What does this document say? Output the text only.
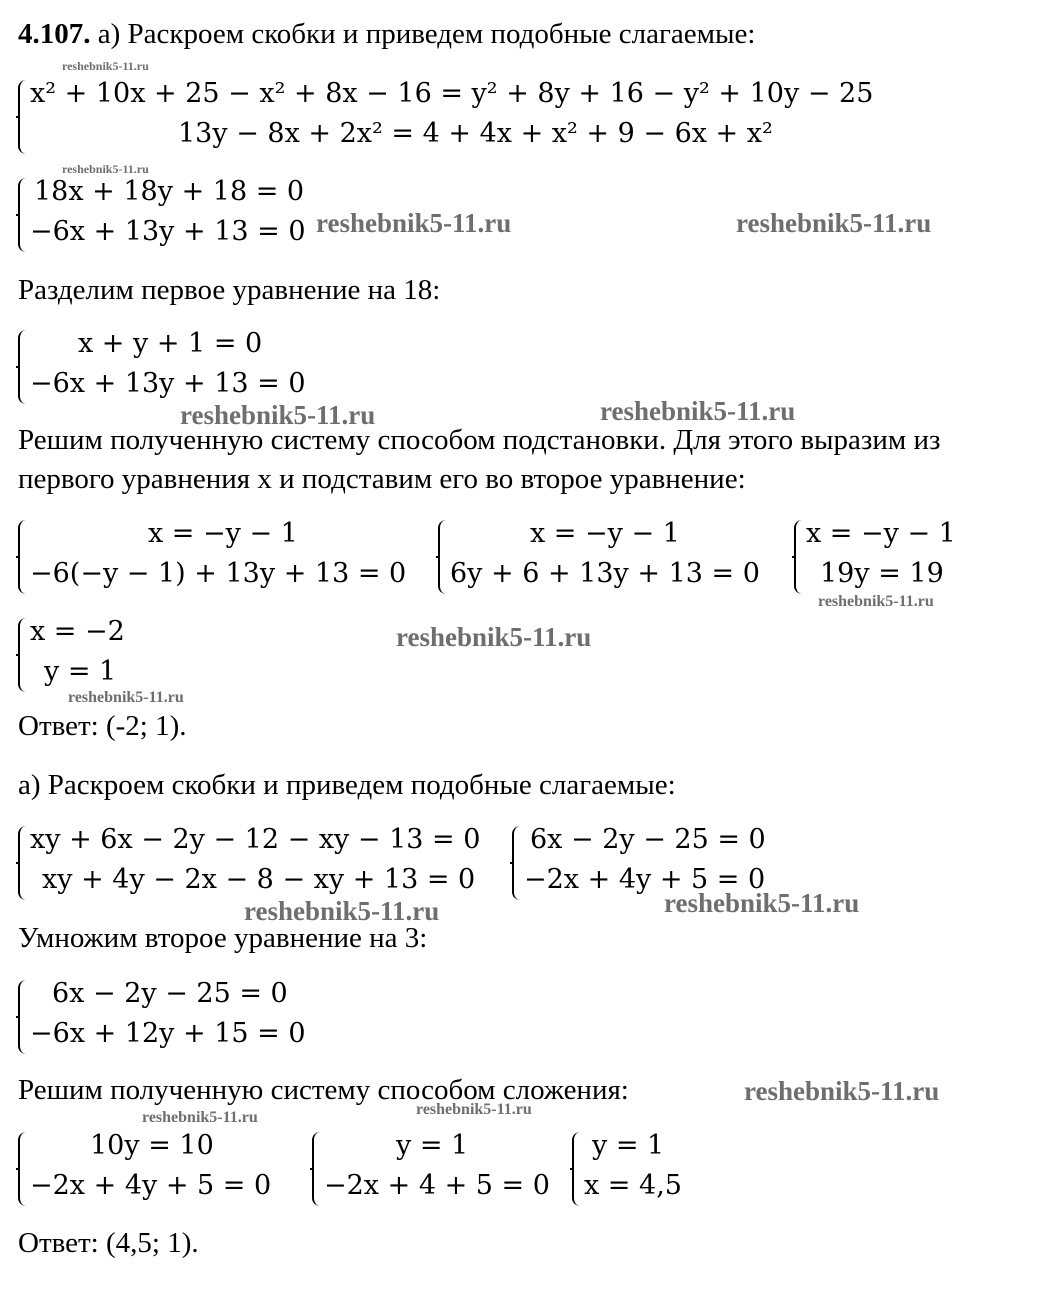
4.107. а) Раскроем скобки и приведем подобные слагаемые:
x² + 10x + 25 − x² + 8x − 16 = y² + 8y + 16 − y² + 10y − 25
13y − 8x + 2x² = 4 + 4x + x² + 9 − 6x + x²
18x + 18y + 18 = 0
−6x + 13y + 13 = 0
Разделим первое уравнение на 18:
x + y + 1 = 0
−6x + 13y + 13 = 0
Решим полученную систему способом подстановки. Для этого выразим из
первого уравнения x и подставим его во второе уравнение:
x = −y − 1
−6(−y − 1) + 13y + 13 = 0
x = −y − 1
6y + 6 + 13y + 13 = 0
x = −y − 1
19y = 19
x = −2
y = 1
Ответ: (-2; 1).
а) Раскроем скобки и приведем подобные слагаемые:
xy + 6x − 2y − 12 − xy − 13 = 0
xy + 4y − 2x − 8 − xy + 13 = 0
6x − 2y − 25 = 0
−2x + 4y + 5 = 0
Умножим второе уравнение на 3:
6x − 2y − 25 = 0
−6x + 12y + 15 = 0
Решим полученную систему способом сложения:
10y = 10
−2x + 4y + 5 = 0
y = 1
−2x + 4 + 5 = 0
y = 1
x = 4,5
Ответ: (4,5; 1).
reshebnik5-11.ru
reshebnik5-11.ru
reshebnik5-11.ru	reshebnik5-11.ru
reshebnik5-11.ru	reshebnik5-11.ru
reshebnik5-11.ru
reshebnik5-11.ru
reshebnik5-11.ru
reshebnik5-11.ru	reshebnik5-11.ru
reshebnik5-11.ru
reshebnik5-11.ru	reshebnik5-11.ru
